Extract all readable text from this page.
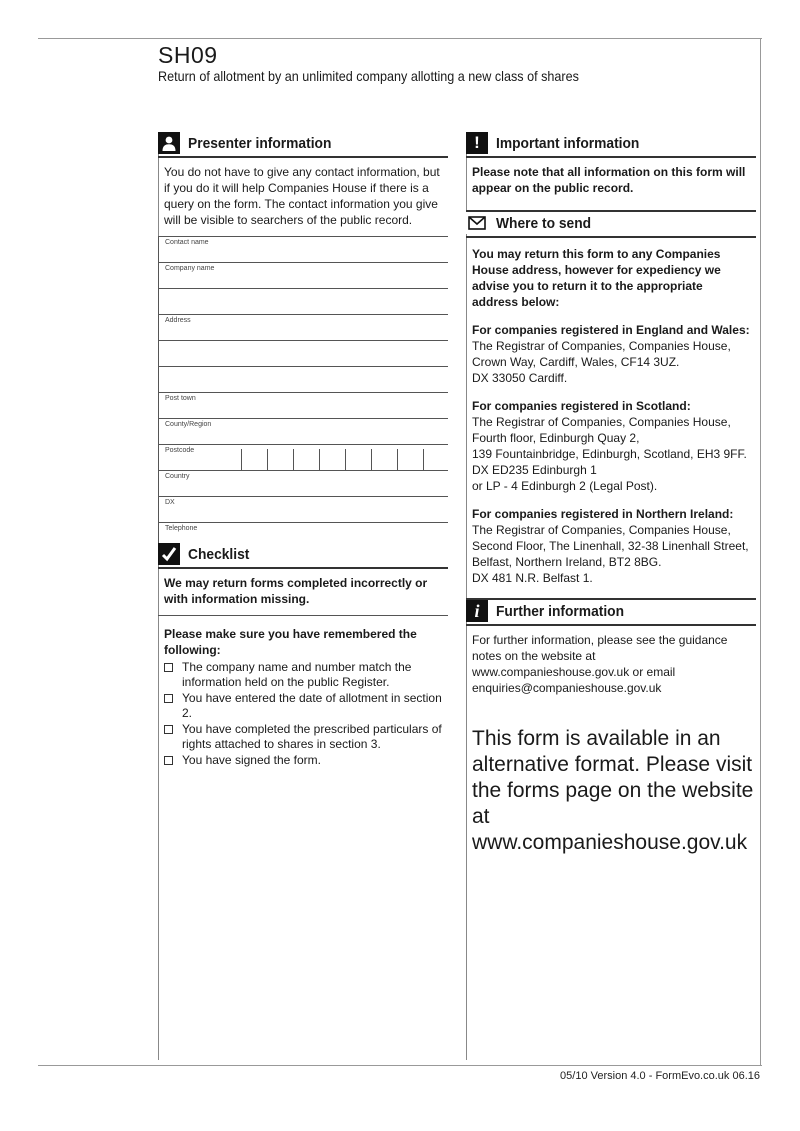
SH09
Return of allotment by an unlimited company allotting a new class of shares
Presenter information
You do not have to give any contact information, but if you do it will help Companies House if there is a query on the form. The contact information you give will be visible to searchers of the public record.
Contact name
Company name
Address
Post town
County/Region
Postcode
Country
DX
Telephone
Checklist
We may return forms completed incorrectly or with information missing.
Please make sure you have remembered the following:
The company name and number match the information held on the public Register.
You have entered the date of allotment in section 2.
You have completed the prescribed particulars of rights attached to shares in section 3.
You have signed the form.
!	Important information
Please note that all information on this form will appear on the public record.
Where to send
You may return this form to any Companies House address, however for expediency we advise you to return it to the appropriate address below:
For companies registered in England and Wales:
The Registrar of Companies, Companies House,
Crown Way, Cardiff, Wales, CF14 3UZ.
DX 33050 Cardiff.
For companies registered in Scotland:
The Registrar of Companies, Companies House,
Fourth floor, Edinburgh Quay 2,
139 Fountainbridge, Edinburgh, Scotland, EH3 9FF.
DX ED235 Edinburgh 1
or LP - 4 Edinburgh 2 (Legal Post).
For companies registered in Northern Ireland:
The Registrar of Companies, Companies House,
Second Floor, The Linenhall, 32-38 Linenhall Street,
Belfast, Northern Ireland, BT2 8BG.
DX 481 N.R. Belfast 1.
i	Further information
For further information, please see the guidance notes on the website at www.companieshouse.gov.uk or email enquiries@companieshouse.gov.uk
This form is available in an alternative format. Please visit the forms page on the website at www.companieshouse.gov.uk
05/10 Version 4.0 - FormEvo.co.uk 06.16
